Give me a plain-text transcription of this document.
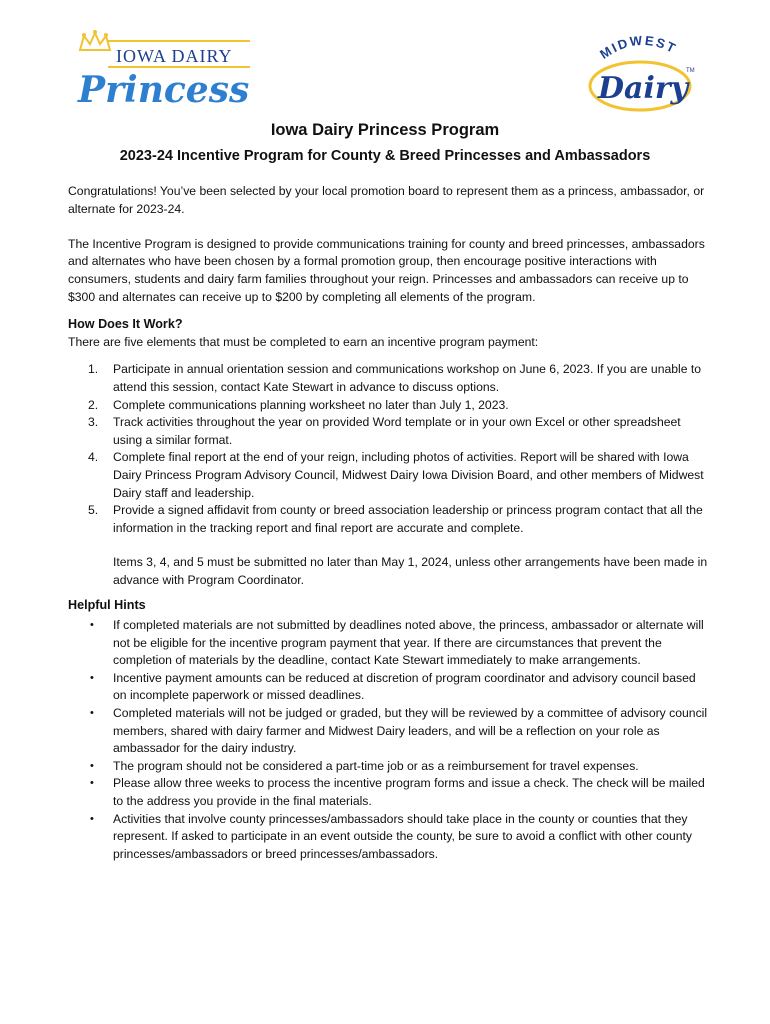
IOWA DAIRY
Princess
MIDWEST
Dairy
TM
Iowa Dairy Princess Program
2023-24 Incentive Program for County & Breed Princesses and Ambassadors

Congratulations! You’ve been selected by your local promotion board to represent them as a princess, ambassador, or alternate for 2023-24.

The Incentive Program is designed to provide communications training for county and breed princesses, ambassadors and alternates who have been chosen by a formal promotion group, then encourage positive interactions with consumers, students and dairy farm families throughout your reign. Princesses and ambassadors can receive up to $300 and alternates can receive up to $200 by completing all elements of the program.

How Does It Work?

There are five elements that must be completed to earn an incentive program payment:

1. Participate in annual orientation session and communications workshop on June 6, 2023. If you are unable to attend this session, contact Kate Stewart in advance to discuss options.
2. Complete communications planning worksheet no later than July 1, 2023.
3. Track activities throughout the year on provided Word template or in your own Excel or other spreadsheet using a similar format.
4. Complete final report at the end of your reign, including photos of activities. Report will be shared with Iowa Dairy Princess Program Advisory Council, Midwest Dairy Iowa Division Board, and other members of Midwest Dairy staff and leadership.
5. Provide a signed affidavit from county or breed association leadership or princess program contact that all the information in the tracking report and final report are accurate and complete.

Items 3, 4, and 5 must be submitted no later than May 1, 2024, unless other arrangements have been made in advance with Program Coordinator.

Helpful Hints

• If completed materials are not submitted by deadlines noted above, the princess, ambassador or alternate will not be eligible for the incentive program payment that year. If there are circumstances that prevent the completion of materials by the deadline, contact Kate Stewart immediately to make arrangements.
• Incentive payment amounts can be reduced at discretion of program coordinator and advisory council based on incomplete paperwork or missed deadlines.
• Completed materials will not be judged or graded, but they will be reviewed by a committee of advisory council members, shared with dairy farmer and Midwest Dairy leaders, and will be a reflection on your role as ambassador for the dairy industry.
• The program should not be considered a part-time job or as a reimbursement for travel expenses.
• Please allow three weeks to process the incentive program forms and issue a check. The check will be mailed to the address you provide in the final materials.
• Activities that involve county princesses/ambassadors should take place in the county or counties that they represent. If asked to participate in an event outside the county, be sure to avoid a conflict with other county princesses/ambassadors or breed princesses/ambassadors.
